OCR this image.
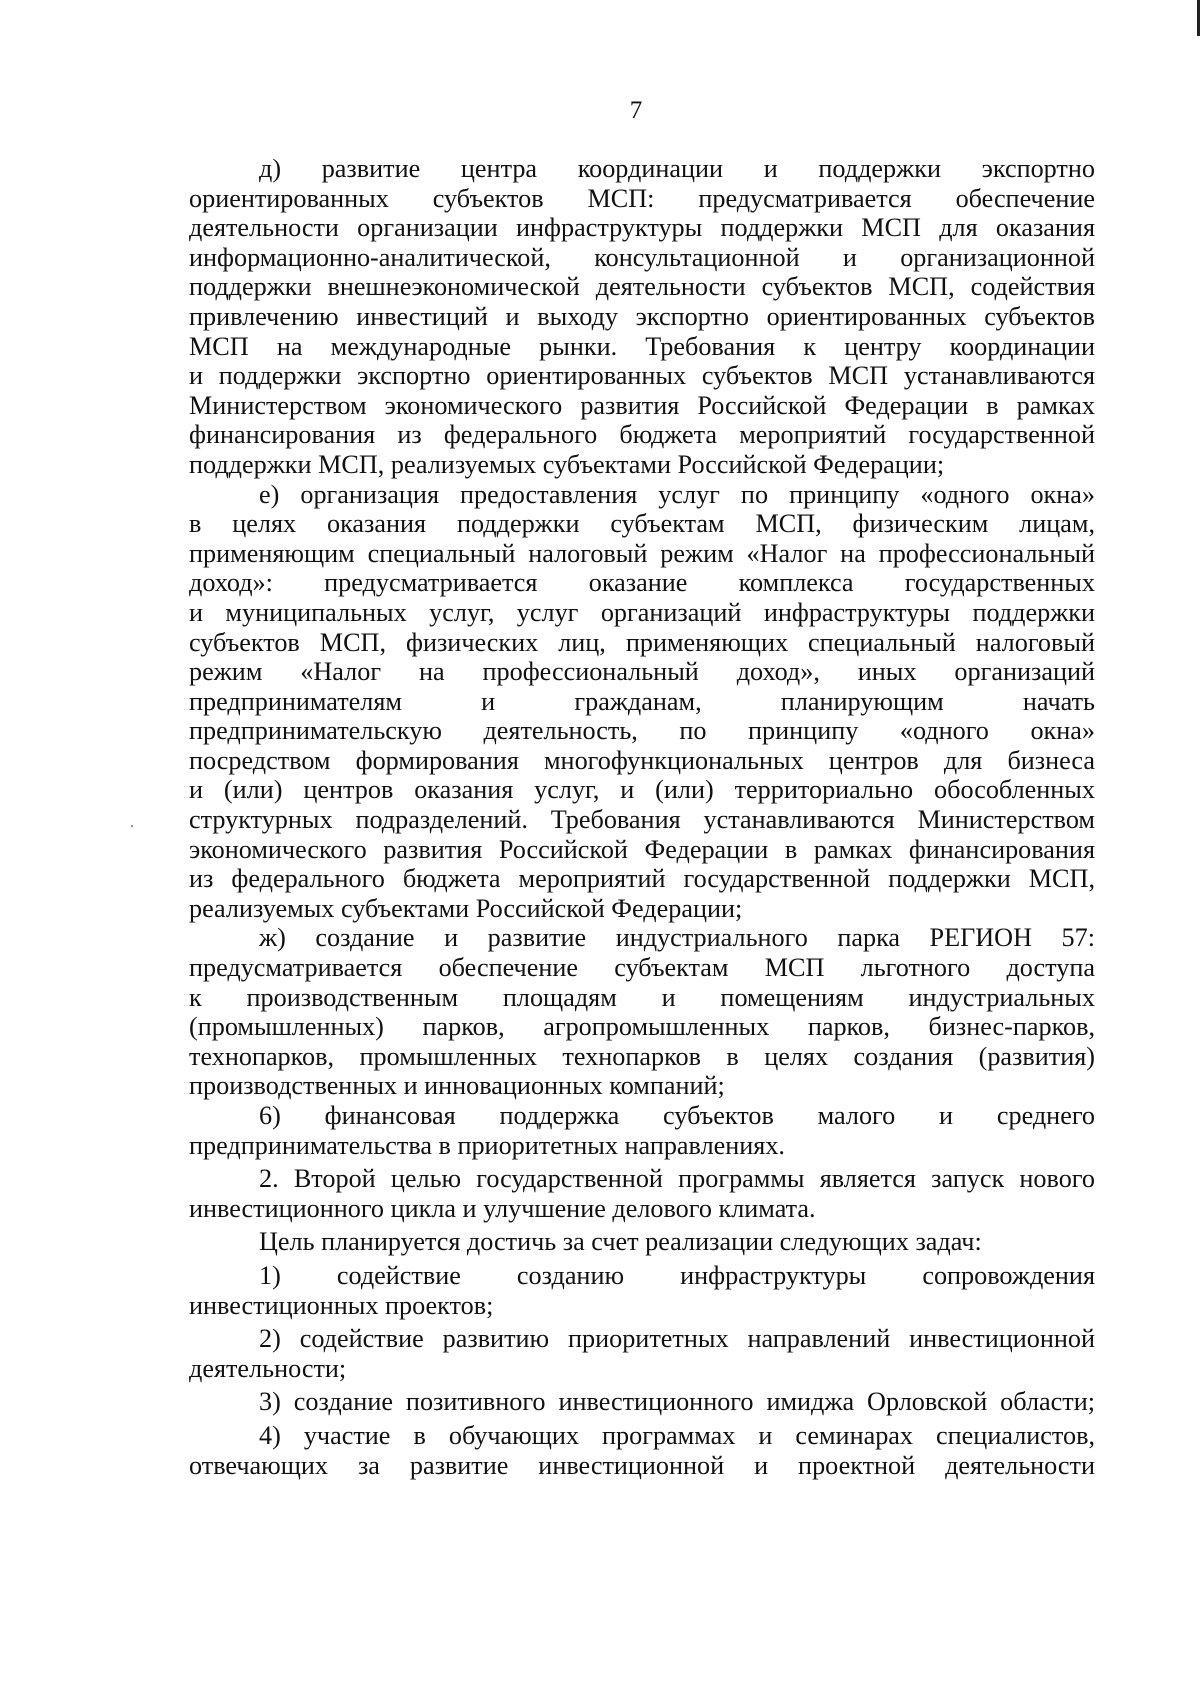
7
д) развитие центра координации и поддержки экспортно
ориентированных субъектов МСП: предусматривается обеспечение
деятельности организации инфраструктуры поддержки МСП для оказания
информационно-аналитической, консультационной и организационной
поддержки внешнеэкономической деятельности субъектов МСП, содействия
привлечению инвестиций и выходу экспортно ориентированных субъектов
МСП на международные рынки. Требования к центру координации
и поддержки экспортно ориентированных субъектов МСП устанавливаются
Министерством экономического развития Российской Федерации в рамках
финансирования из федерального бюджета мероприятий государственной
поддержки МСП, реализуемых субъектами Российской Федерации;
е) организация предоставления услуг по принципу «одного окна»
в целях оказания поддержки субъектам МСП, физическим лицам,
применяющим специальный налоговый режим «Налог на профессиональный
доход»: предусматривается оказание комплекса государственных
и муниципальных услуг, услуг организаций инфраструктуры поддержки
субъектов МСП, физических лиц, применяющих специальный налоговый
режим «Налог на профессиональный доход», иных организаций
предпринимателям и гражданам, планирующим начать
предпринимательскую деятельность, по принципу «одного окна»
посредством формирования многофункциональных центров для бизнеса
и (или) центров оказания услуг, и (или) территориально обособленных
структурных подразделений. Требования устанавливаются Министерством
экономического развития Российской Федерации в рамках финансирования
из федерального бюджета мероприятий государственной поддержки МСП,
реализуемых субъектами Российской Федерации;
ж) создание и развитие индустриального парка РЕГИОН 57:
предусматривается обеспечение субъектам МСП льготного доступа
к производственным площадям и помещениям индустриальных
(промышленных) парков, агропромышленных парков, бизнес-парков,
технопарков, промышленных технопарков в целях создания (развития)
производственных и инновационных компаний;
6) финансовая поддержка субъектов малого и среднего
предпринимательства в приоритетных направлениях.
2. Второй целью государственной программы является запуск нового
инвестиционного цикла и улучшение делового климата.
Цель планируется достичь за счет реализации следующих задач:
1) содействие созданию инфраструктуры сопровождения
инвестиционных проектов;
2) содействие развитию приоритетных направлений инвестиционной
деятельности;
3) создание позитивного инвестиционного имиджа Орловской области;
4) участие в обучающих программах и семинарах специалистов,
отвечающих за развитие инвестиционной и проектной деятельности
